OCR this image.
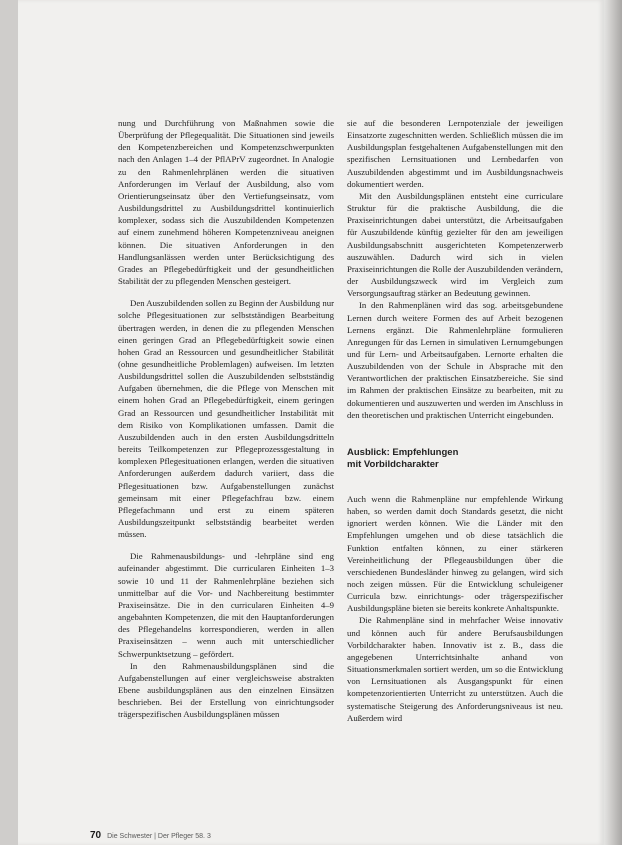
nung und Durchführung von Maßnahmen sowie die Überprüfung der Pflegequalität. Die Situationen sind jeweils den Kompetenzbereichen und Kompetenzschwerpunkten nach den Anlagen 1–4 der PflAPrV zugeordnet. In Analogie zu den Rahmenlehrplänen werden die situativen Anforderungen im Verlauf der Ausbildung, also vom Orientierungseinsatz über den Vertiefungseinsatz, vom Ausbildungsdrittel zu Ausbildungsdrittel kontinuierlich komplexer, sodass sich die Auszubildenden Kompetenzen auf einem zunehmend höheren Kompetenzniveau aneignen können. Die situativen Anforderungen in den Handlungsanlässen werden unter Berücksichtigung des Grades an Pflegebedürftigkeit und der gesundheitlichen Stabilität der zu pflegenden Menschen gesteigert.

Den Auszubildenden sollen zu Beginn der Ausbildung nur solche Pflegesituationen zur selbstständigen Bearbeitung übertragen werden, in denen die zu pflegenden Menschen einen geringen Grad an Pflegebedürftigkeit sowie einen hohen Grad an Ressourcen und gesundheitlicher Stabilität (ohne gesundheitliche Problemlagen) aufweisen. Im letzten Ausbildungsdrittel sollen die Auszubildenden selbstständig Aufgaben übernehmen, die die Pflege von Menschen mit einem hohen Grad an Pflegebedürftigkeit, einem geringen Grad an Ressourcen und gesundheitlicher Instabilität mit dem Risiko von Komplikationen umfassen. Damit die Auszubildenden auch in den ersten Ausbildungsdritteln bereits Teilkompetenzen zur Pflegeprozessgestaltung in komplexen Pflegesituationen erlangen, werden die situativen Anforderungen außerdem dadurch variiert, dass die Pflegesituationen bzw. Aufgabenstellungen zunächst gemeinsam mit einer Pflegefachfrau bzw. einem Pflegefachmann und erst zu einem späteren Ausbildungszeitpunkt selbstständig bearbeitet werden müssen.

Die Rahmenausbildungs- und -lehrpläne sind eng aufeinander abgestimmt. Die curricularen Einheiten 1–3 sowie 10 und 11 der Rahmenlehrpläne beziehen sich unmittelbar auf die Vor- und Nachbereitung bestimmter Praxiseinsätze. Die in den curricularen Einheiten 4–9 angebahnten Kompetenzen, die mit den Hauptanforderungen des Pflegehandelns korrespondieren, werden in allen Praxiseinsätzen – wenn auch mit unterschiedlicher Schwerpunktsetzung – gefördert.

In den Rahmenausbildungsplänen sind die Aufgabenstellungen auf einer vergleichsweise abstrakten Ebene ausbildungsplänen aus den einzelnen Einsätzen beschrieben. Bei der Erstellung von einrichtungsoder trägerspezifischen Ausbildungsplänen müssen

sie auf die besonderen Lernpotenziale der jeweiligen Einsatzorte zugeschnitten werden. Schließlich müssen die im Ausbildungsplan festgehaltenen Aufgabenstellungen mit den spezifischen Lernsituationen und Lernbedarfen von Auszubildenden abgestimmt und im Ausbildungsnachweis dokumentiert werden.

Mit den Ausbildungsplänen entsteht eine curriculare Struktur für die praktische Ausbildung, die die Praxiseinrichtungen dabei unterstützt, die Arbeitsaufgaben für Auszubildende künftig gezielter für den am jeweiligen Ausbildungsabschnitt ausgerichteten Kompetenzerwerb auszuwählen. Dadurch wird sich in vielen Praxiseinrichtungen die Rolle der Auszubildenden verändern, der Ausbildungszweck wird im Vergleich zum Versorgungsauftrag stärker an Bedeutung gewinnen.

In den Rahmenplänen wird das sog. arbeitsgebundene Lernen durch weitere Formen des auf Arbeit bezogenen Lernens ergänzt. Die Rahmenlehrpläne formulieren Anregungen für das Lernen in simulativen Lernumgebungen und für Lern- und Arbeitsaufgaben. Lernorte erhalten die Auszubildenden von der Schule in Absprache mit den Verantwortlichen der praktischen Einsatzbereiche. Sie sind im Rahmen der praktischen Einsätze zu bearbeiten, mit zu dokumentieren und auszuwerten und werden im Anschluss in den theoretischen und praktischen Unterricht eingebunden.

Ausblick: Empfehlungen
mit Vorbildcharakter

Auch wenn die Rahmenpläne nur empfehlende Wirkung haben, so werden damit doch Standards gesetzt, die nicht ignoriert werden können. Wie die Länder mit den Empfehlungen umgehen und ob diese tatsächlich die Funktion entfalten können, zu einer stärkeren Vereinheitlichung der Pflegeausbildungen über die verschiedenen Bundesländer hinweg zu gelangen, wird sich noch zeigen müssen. Für die Entwicklung schuleigener Curricula bzw. einrichtungs- oder trägerspezifischer Ausbildungspläne bieten sie bereits konkrete Anhaltspunkte.

Die Rahmenpläne sind in mehrfacher Weise innovativ und können auch für andere Berufsausbildungen Vorbildcharakter haben. Innovativ ist z. B., dass die angegebenen Unterrichtsinhalte anhand von Situationsmerkmalen sortiert werden, um so die Entwicklung von Lernsituationen als Ausgangspunkt für einen kompetenzorientierten Unterricht zu unterstützen. Auch die systematische Steigerung des Anforderungsniveaus ist neu. Außerdem wird

70 Die Schwester | Der Pfleger 58. 3
